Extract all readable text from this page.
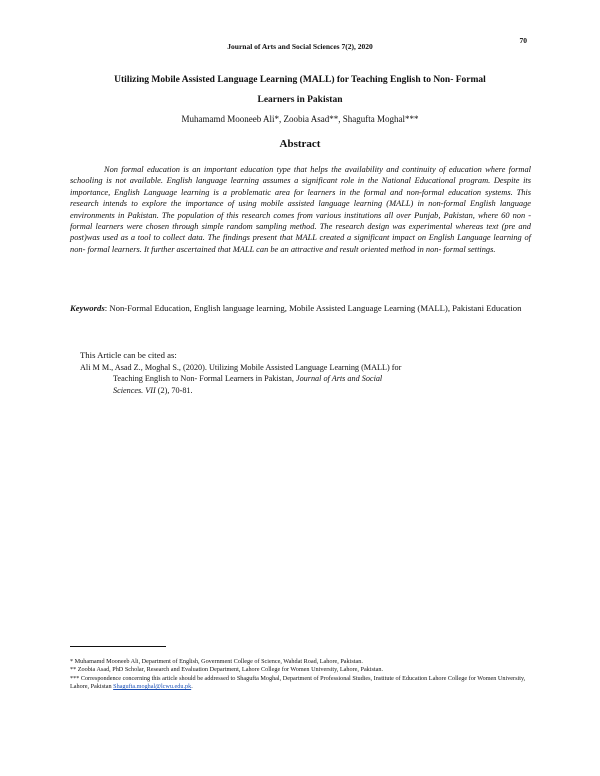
Journal of Arts and Social Sciences 7(2), 2020
70
Utilizing Mobile Assisted Language Learning (MALL) for Teaching English to Non- Formal
Learners in Pakistan
Muhamamd Mooneeb Ali*, Zoobia Asad**, Shagufta Moghal***
Abstract

Non formal education is an important education type that helps the availability and continuity of education where formal schooling is not available. English language learning assumes a significant role in the National Educational program. Despite its importance, English Language learning is a problematic area for learners in the formal and non-formal education systems. This research intends to explore the importance of using mobile assisted language learning (MALL) in non-formal English language environments in Pakistan. The population of this research comes from various institutions all over Punjab, Pakistan, where 60 non - formal learners were chosen through simple random sampling method. The research design was experimental whereas text (pre and post)was used as a tool to collect data. The findings present that MALL created a significant impact on English Language learning of non- formal learners. It further ascertained that MALL can be an attractive and result oriented method in non- formal settings.

Keywords: Non-Formal Education, English language learning, Mobile Assisted Language Learning (MALL), Pakistani Education

This Article can be cited as:
Ali M M., Asad Z., Moghal S., (2020). Utilizing Mobile Assisted Language Learning (MALL) for
Teaching English to Non- Formal Learners in Pakistan, Journal of Arts and Social
Sciences. VII (2), 70-81.

* Muhamamd Mooneeb Ali, Department of English, Government College of Science, Wahdat Road, Lahore, Pakistan.

** Zoobia Asad, PhD Scholar, Research and Evaluation Department, Lahore College for Women University, Lahore, Pakistan.

*** Correspondence concerning this article should be addressed to Shagufta Moghal, Department of Professional Studies, Institute of Education Lahore College for Women University, Lahore, Pakistan Shagufta.moghal@lcwu.edu.pk.
